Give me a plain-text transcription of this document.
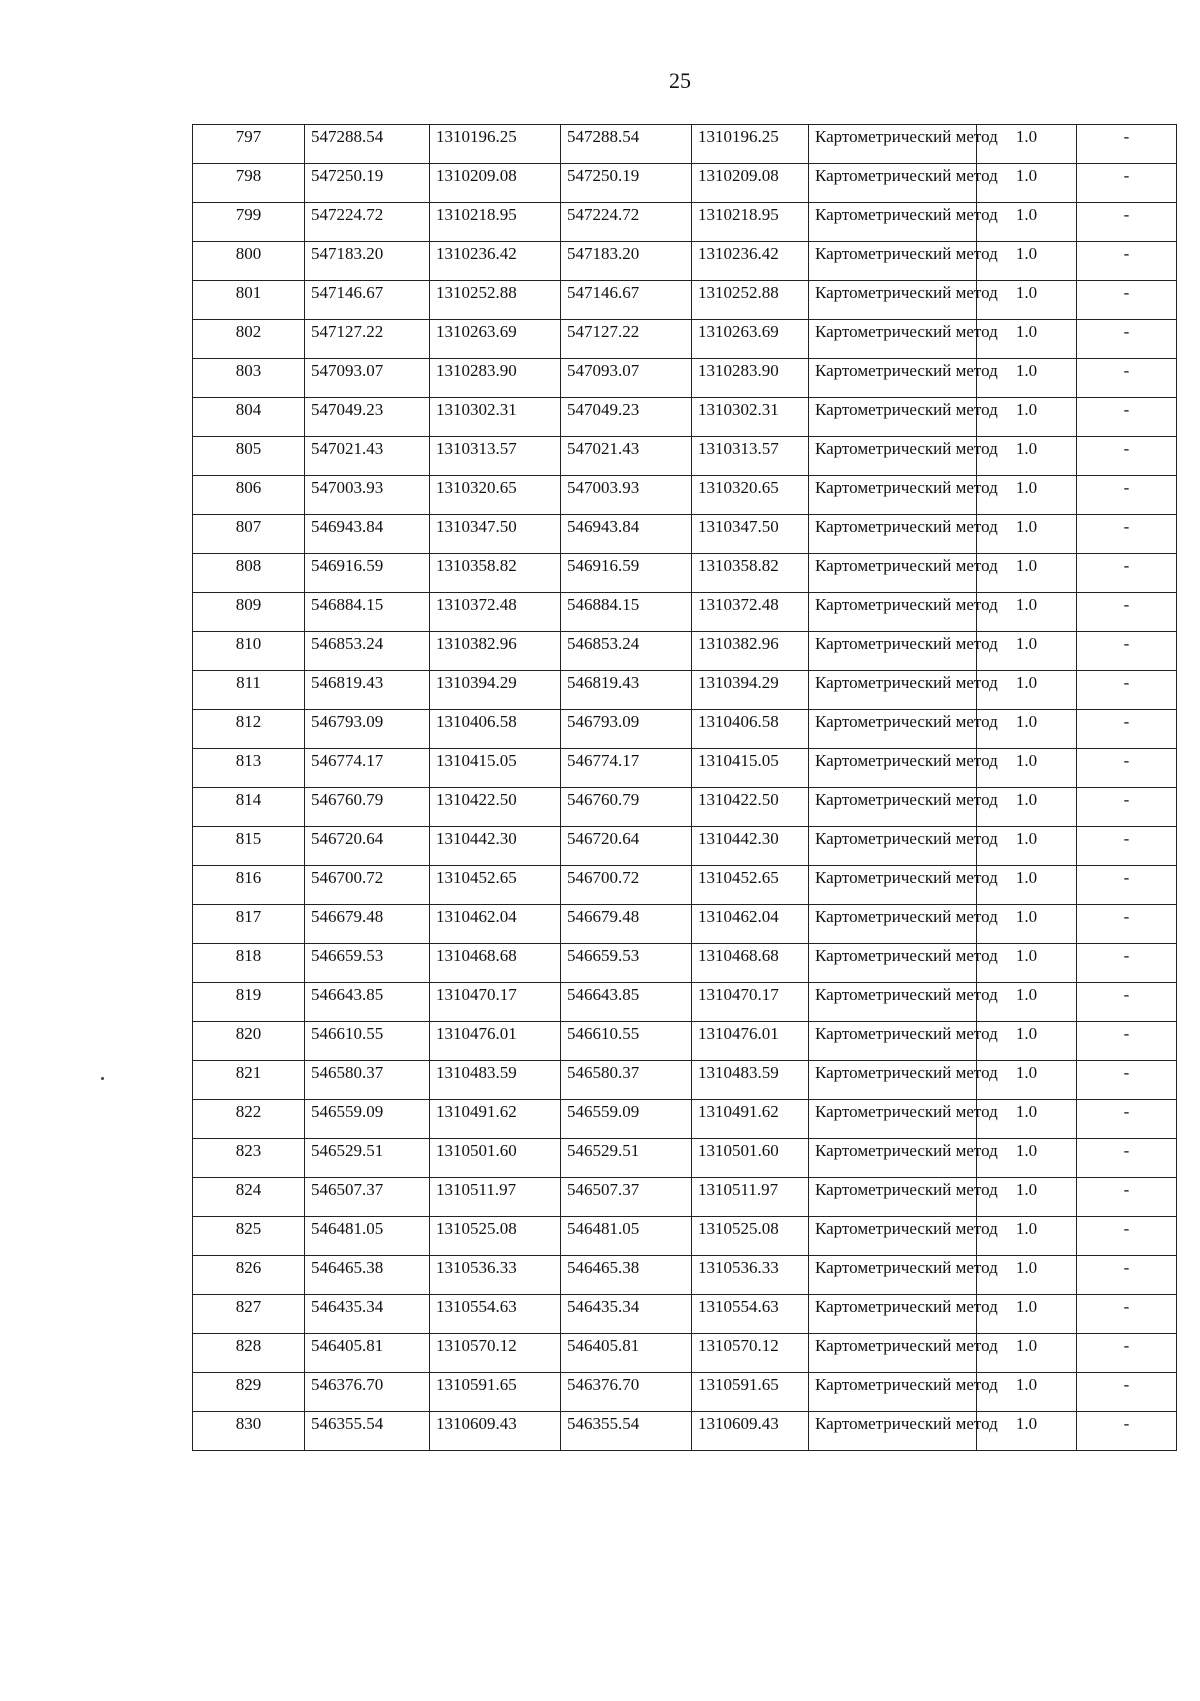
25
797	547288.54	1310196.25	547288.54	1310196.25	Картометрический метод	1.0	-
798	547250.19	1310209.08	547250.19	1310209.08	Картометрический метод	1.0	-
799	547224.72	1310218.95	547224.72	1310218.95	Картометрический метод	1.0	-
800	547183.20	1310236.42	547183.20	1310236.42	Картометрический метод	1.0	-
801	547146.67	1310252.88	547146.67	1310252.88	Картометрический метод	1.0	-
802	547127.22	1310263.69	547127.22	1310263.69	Картометрический метод	1.0	-
803	547093.07	1310283.90	547093.07	1310283.90	Картометрический метод	1.0	-
804	547049.23	1310302.31	547049.23	1310302.31	Картометрический метод	1.0	-
805	547021.43	1310313.57	547021.43	1310313.57	Картометрический метод	1.0	-
806	547003.93	1310320.65	547003.93	1310320.65	Картометрический метод	1.0	-
807	546943.84	1310347.50	546943.84	1310347.50	Картометрический метод	1.0	-
808	546916.59	1310358.82	546916.59	1310358.82	Картометрический метод	1.0	-
809	546884.15	1310372.48	546884.15	1310372.48	Картометрический метод	1.0	-
810	546853.24	1310382.96	546853.24	1310382.96	Картометрический метод	1.0	-
811	546819.43	1310394.29	546819.43	1310394.29	Картометрический метод	1.0	-
812	546793.09	1310406.58	546793.09	1310406.58	Картометрический метод	1.0	-
813	546774.17	1310415.05	546774.17	1310415.05	Картометрический метод	1.0	-
814	546760.79	1310422.50	546760.79	1310422.50	Картометрический метод	1.0	-
815	546720.64	1310442.30	546720.64	1310442.30	Картометрический метод	1.0	-
816	546700.72	1310452.65	546700.72	1310452.65	Картометрический метод	1.0	-
817	546679.48	1310462.04	546679.48	1310462.04	Картометрический метод	1.0	-
818	546659.53	1310468.68	546659.53	1310468.68	Картометрический метод	1.0	-
819	546643.85	1310470.17	546643.85	1310470.17	Картометрический метод	1.0	-
820	546610.55	1310476.01	546610.55	1310476.01	Картометрический метод	1.0	-
821	546580.37	1310483.59	546580.37	1310483.59	Картометрический метод	1.0	-
822	546559.09	1310491.62	546559.09	1310491.62	Картометрический метод	1.0	-
823	546529.51	1310501.60	546529.51	1310501.60	Картометрический метод	1.0	-
824	546507.37	1310511.97	546507.37	1310511.97	Картометрический метод	1.0	-
825	546481.05	1310525.08	546481.05	1310525.08	Картометрический метод	1.0	-
826	546465.38	1310536.33	546465.38	1310536.33	Картометрический метод	1.0	-
827	546435.34	1310554.63	546435.34	1310554.63	Картометрический метод	1.0	-
828	546405.81	1310570.12	546405.81	1310570.12	Картометрический метод	1.0	-
829	546376.70	1310591.65	546376.70	1310591.65	Картометрический метод	1.0	-
830	546355.54	1310609.43	546355.54	1310609.43	Картометрический метод	1.0	-
